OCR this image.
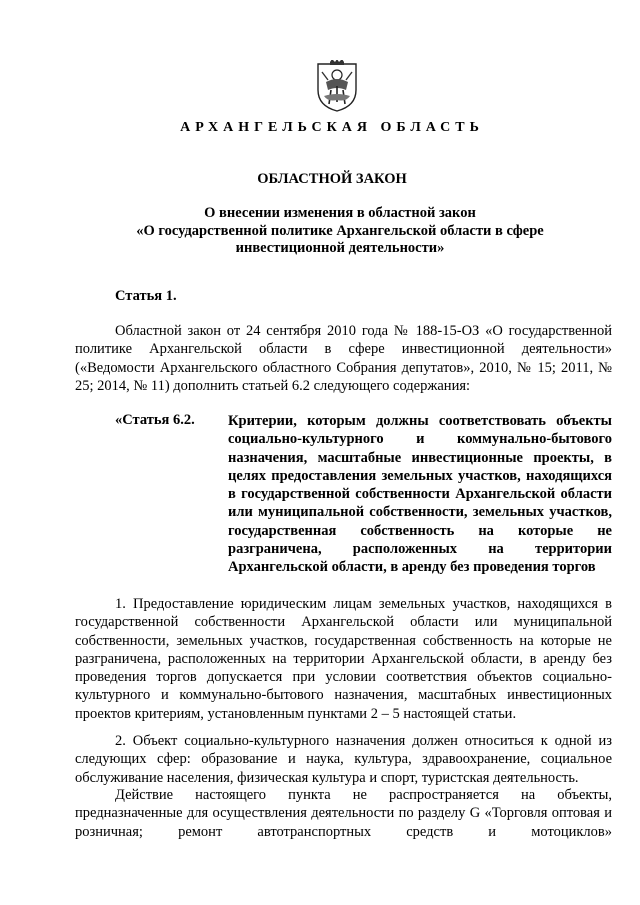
АРХАНГЕЛЬСКАЯ ОБЛАСТЬ
ОБЛАСТНОЙ ЗАКОН
О внесении изменения в областной закон
«О государственной политике Архангельской области в сфере
инвестиционной деятельности»
Статья 1.
Областной закон от 24 сентября 2010 года № 188-15-ОЗ «О государственной политике Архангельской области в сфере инвестиционной деятельности» («Ведомости Архангельского областного Собрания депутатов», 2010, № 15; 2011, № 25; 2014, № 11) дополнить статьей 6.2 следующего содержания:
«Статья 6.2. Критерии, которым должны соответствовать объекты социально-культурного и коммунально-бытового назначения, масштабные инвестиционные проекты, в целях предоставления земельных участков, находящихся в государственной собственности Архангельской области или муниципальной собственности, земельных участков, государственная собственность на которые не разграничена, расположенных на территории Архангельской области, в аренду без проведения торгов
1. Предоставление юридическим лицам земельных участков, находящихся в государственной собственности Архангельской области или муниципальной собственности, земельных участков, государственная собственность на которые не разграничена, расположенных на территории Архангельской области, в аренду без проведения торгов допускается при условии соответствия объектов социально-культурного и коммунально-бытового назначения, масштабных инвестиционных проектов критериям, установленным пунктами 2 – 5 настоящей статьи.
2. Объект социально-культурного назначения должен относиться к одной из следующих сфер: образование и наука, культура, здравоохранение, социальное обслуживание населения, физическая культура и спорт, туристская деятельность.
Действие настоящего пункта не распространяется на объекты, предназначенные для осуществления деятельности по разделу G «Торговля оптовая и розничная; ремонт автотранспортных средств и мотоциклов»
